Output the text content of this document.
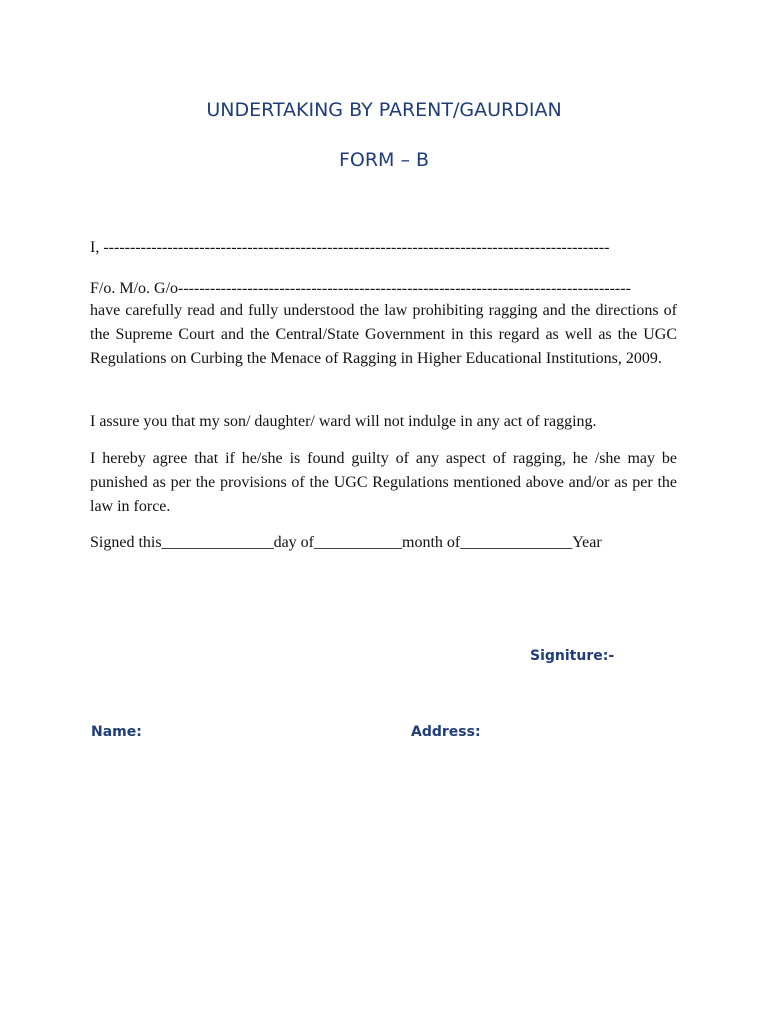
UNDERTAKING BY PARENT/GAURDIAN
FORM – B

I, -----------------------------------------------------------------------------------------------

F/o. M/o. G/o-------------------------------------------------------------------------------------

have carefully read and fully understood the law prohibiting ragging and the directions of the Supreme Court and the Central/State Government in this regard as well as the UGC Regulations on Curbing the Menace of Ragging in Higher Educational Institutions, 2009.

I assure you that my son/ daughter/ ward will not indulge in any act of ragging.

I hereby agree that if he/she is found guilty of any aspect of ragging, he /she may be punished as per the provisions of the UGC Regulations mentioned above and/or as per the law in force.

Signed this______________day of___________month of______________Year

Signiture:-
Name:	Address:
